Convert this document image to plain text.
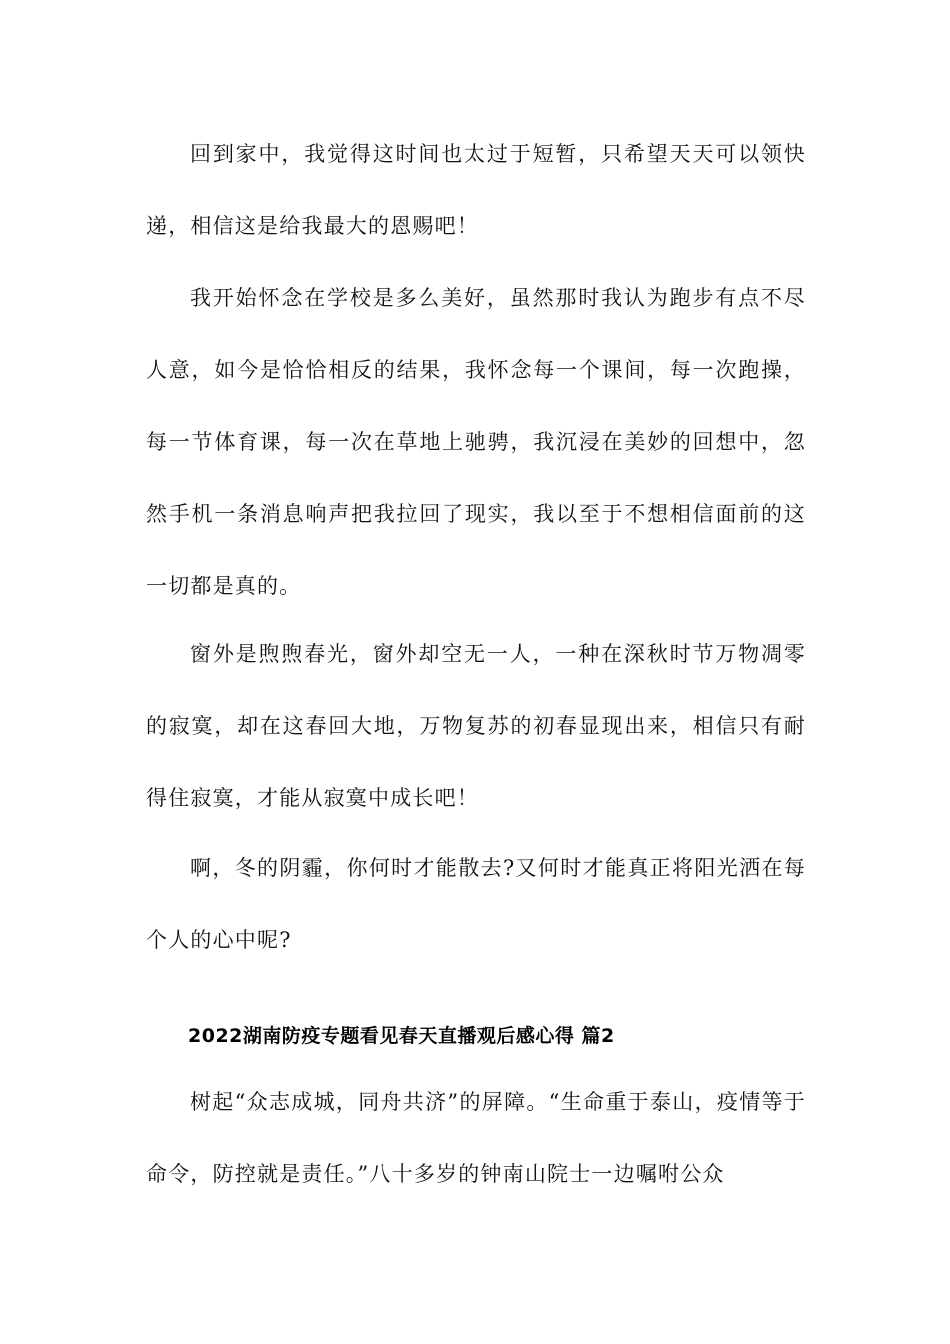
回到家中，我觉得这时间也太过于短暂，只希望天天可以领快递，相信这是给我最大的恩赐吧！

我开始怀念在学校是多么美好，虽然那时我认为跑步有点不尽人意，如今是恰恰相反的结果，我怀念每一个课间，每一次跑操，每一节体育课，每一次在草地上驰骋，我沉浸在美妙的回想中，忽然手机一条消息响声把我拉回了现实，我以至于不想相信面前的这一切都是真的。

窗外是煦煦春光，窗外却空无一人，一种在深秋时节万物凋零的寂寞，却在这春回大地，万物复苏的初春显现出来，相信只有耐得住寂寞，才能从寂寞中成长吧！

啊，冬的阴霾，你何时才能散去?又何时才能真正将阳光洒在每个人的心中呢?

2022湖南防疫专题看见春天直播观后感心得 篇2

树起“众志成城，同舟共济”的屏障。“生命重于泰山，疫情等于命令，防控就是责任。”八十多岁的钟南山院士一边嘱咐公众
